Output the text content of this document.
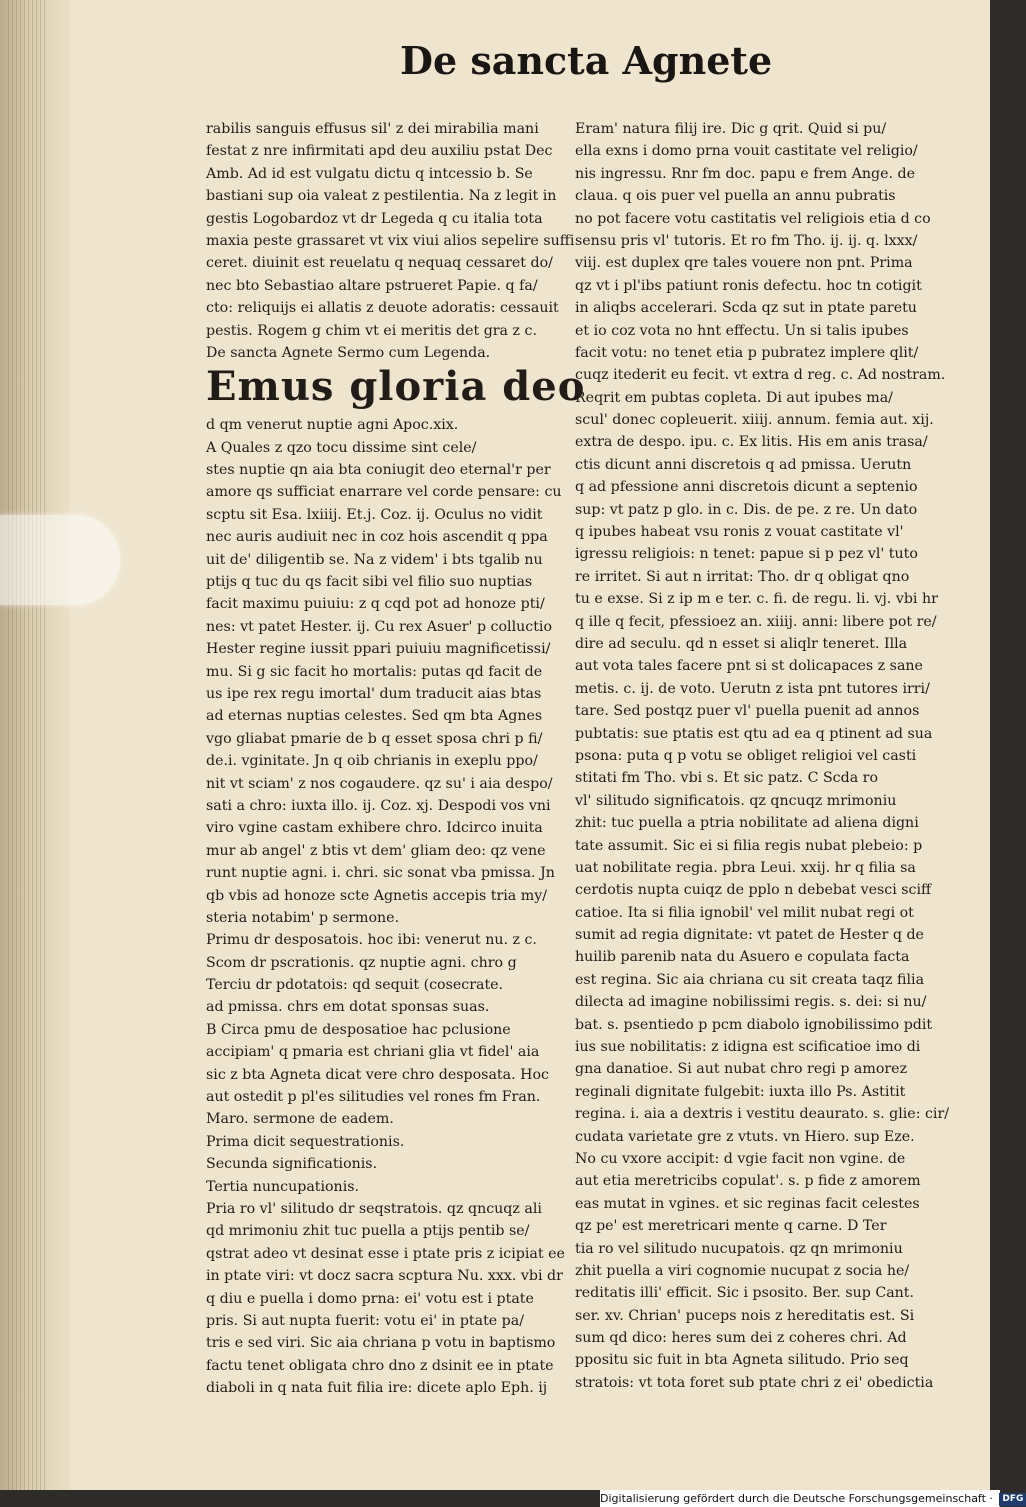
De sancta Agnete
rabilis sanguis effusus sil' z dei mirabilia mani
festat z nre infirmitati apd deu auxiliu pstat Dec
Amb. Ad id est vulgatu dictu q intcessio b. Se
bastiani sup oia valeat z pestilentia. Na z legit in
gestis Logobardoz vt dr Legeda q cu italia tota
maxia peste grassaret vt vix viui alios sepelire suffi
ceret. diuinit est reuelatu q nequaq cessaret do/
nec bto Sebastiao altare pstrueret Papie. q fa/
cto: reliquijs ei allatis z deuote adoratis: cessauit
pestis. Rogem g chim vt ei meritis det gra z c.
De sancta Agnete Sermo cum Legenda.
Emus gloria deo
d qm venerut nuptie agni Apoc.xix.
A Quales z qzo tocu dissime sint cele/
stes nuptie qn aia bta coniugit deo eternal'r per
amore qs sufficiat enarrare vel corde pensare: cu
scptu sit Esa. lxiiij. Et.j. Coz. ij. Oculus no vidit
nec auris audiuit nec in coz hois ascendit q ppa
uit de' diligentib se. Na z videm' i bts tgalib nu
ptijs q tuc du qs facit sibi vel filio suo nuptias
facit maximu puiuiu: z q cqd pot ad honoze pti/
nes: vt patet Hester. ij. Cu rex Asuer' p colluctio
Hester regine iussit ppari puiuiu magnificetissi/
mu. Si g sic facit ho mortalis: putas qd facit de
us ipe rex regu imortal' dum traducit aias btas
ad eternas nuptias celestes. Sed qm bta Agnes
vgo gliabat pmarie de b q esset sposa chri p fi/
de.i. vginitate. Jn q oib chrianis in exeplu ppo/
nit vt sciam' z nos cogaudere. qz su' i aia despo/
sati a chro: iuxta illo. ij. Coz. xj. Despodi vos vni
viro vgine castam exhibere chro. Idcirco inuita
mur ab angel' z btis vt dem' gliam deo: qz vene
runt nuptie agni. i. chri. sic sonat vba pmissa. Jn
qb vbis ad honoze scte Agnetis accepis tria my/
steria notabim' p sermone.
Primu dr desposatois. hoc ibi: venerut nu. z c.
Scom dr pscrationis. qz nuptie agni. chro g
Terciu dr pdotatois: qd sequit (cosecrate.
ad pmissa. chrs em dotat sponsas suas.
B Circa pmu de desposatioe hac pclusione
accipiam' q pmaria est chriani glia vt fidel' aia
sic z bta Agneta dicat vere chro desposata. Hoc
aut ostedit p pl'es silitudies vel rones fm Fran.
Maro. sermone de eadem.
Prima dicit sequestrationis.
Secunda significationis.
Tertia nuncupationis.
Pria ro vl' silitudo dr seqstratois. qz qncuqz ali
qd mrimoniu zhit tuc puella a ptijs pentib se/
qstrat adeo vt desinat esse i ptate pris z icipiat ee
in ptate viri: vt docz sacra scptura Nu. xxx. vbi dr
q diu e puella i domo prna: ei' votu est i ptate
pris. Si aut nupta fuerit: votu ei' in ptate pa/
tris e sed viri. Sic aia chriana p votu in baptismo
factu tenet obligata chro dno z dsinit ee in ptate
diaboli in q nata fuit filia ire: dicete aplo Eph. ij
Eram' natura filij ire. Dic g qrit. Quid si pu/
ella exns i domo prna vouit castitate vel religio/
nis ingressu. Rnr fm doc. papu e frem Ange. de
claua. q ois puer vel puella an annu pubratis
no pot facere votu castitatis vel religiois etia d co
sensu pris vl' tutoris. Et ro fm Tho. ij. ij. q. lxxx/
viij. est duplex qre tales vouere non pnt. Prima
qz vt i pl'ibs patiunt ronis defectu. hoc tn cotigit
in aliqbs accelerari. Scda qz sut in ptate paretu
et io coz vota no hnt effectu. Un si talis ipubes
facit votu: no tenet etia p pubratez implere qlit/
cuqz itederit eu fecit. vt extra d reg. c. Ad nostram.
Reqrit em pubtas copleta. Di aut ipubes ma/
scul' donec copleuerit. xiiij. annum. femia aut. xij.
extra de despo. ipu. c. Ex litis. His em anis trasa/
ctis dicunt anni discretois q ad pmissa. Uerutn
q ad pfessione anni discretois dicunt a septenio
sup: vt patz p glo. in c. Dis. de pe. z re. Un dato
q ipubes habeat vsu ronis z vouat castitate vl'
igressu religiois: n tenet: papue si p pez vl' tuto
re irritet. Si aut n irritat: Tho. dr q obligat qno
tu e exse. Si z ip m e ter. c. fi. de regu. li. vj. vbi hr
q ille q fecit, pfessioez an. xiiij. anni: libere pot re/
dire ad seculu. qd n esset si aliqlr teneret. Illa
aut vota tales facere pnt si st dolicapaces z sane
metis. c. ij. de voto. Uerutn z ista pnt tutores irri/
tare. Sed postqz puer vl' puella puenit ad annos
pubtatis: sue ptatis est qtu ad ea q ptinent ad sua
psona: puta q p votu se obliget religioi vel casti
stitati fm Tho. vbi s. Et sic patz. C Scda ro
vl' silitudo significatois. qz qncuqz mrimoniu
zhit: tuc puella a ptria nobilitate ad aliena digni
tate assumit. Sic ei si filia regis nubat plebeio: p
uat nobilitate regia. pbra Leui. xxij. hr q filia sa
cerdotis nupta cuiqz de pplo n debebat vesci sciff
catioe. Ita si filia ignobil' vel milit nubat regi ot
sumit ad regia dignitate: vt patet de Hester q de
huilib parenib nata du Asuero e copulata facta
est regina. Sic aia chriana cu sit creata taqz filia
dilecta ad imagine nobilissimi regis. s. dei: si nu/
bat. s. psentiedo p pcm diabolo ignobilissimo pdit
ius sue nobilitatis: z idigna est scificatioe imo di
gna danatioe. Si aut nubat chro regi p amorez
reginali dignitate fulgebit: iuxta illo Ps. Astitit
regina. i. aia a dextris i vestitu deaurato. s. glie: cir/
cudata varietate gre z vtuts. vn Hiero. sup Eze.
No cu vxore accipit: d vgie facit non vgine. de
aut etia meretricibs copulat'. s. p fide z amorem
eas mutat in vgines. et sic reginas facit celestes
qz pe' est meretricari mente q carne. D Ter
tia ro vel silitudo nucupatois. qz qn mrimoniu
zhit puella a viri cognomie nucupat z socia he/
reditatis illi' efficit. Sic i psosito. Ber. sup Cant.
ser. xv. Chrian' puceps nois z hereditatis est. Si
sum qd dico: heres sum dei z coheres chri. Ad
ppositu sic fuit in bta Agneta silitudo. Prio seq
stratois: vt tota foret sub ptate chri z ei' obedictia
Digitalisierung gefördert durch die Deutsche Forschungsgemeinschaft · DFG
